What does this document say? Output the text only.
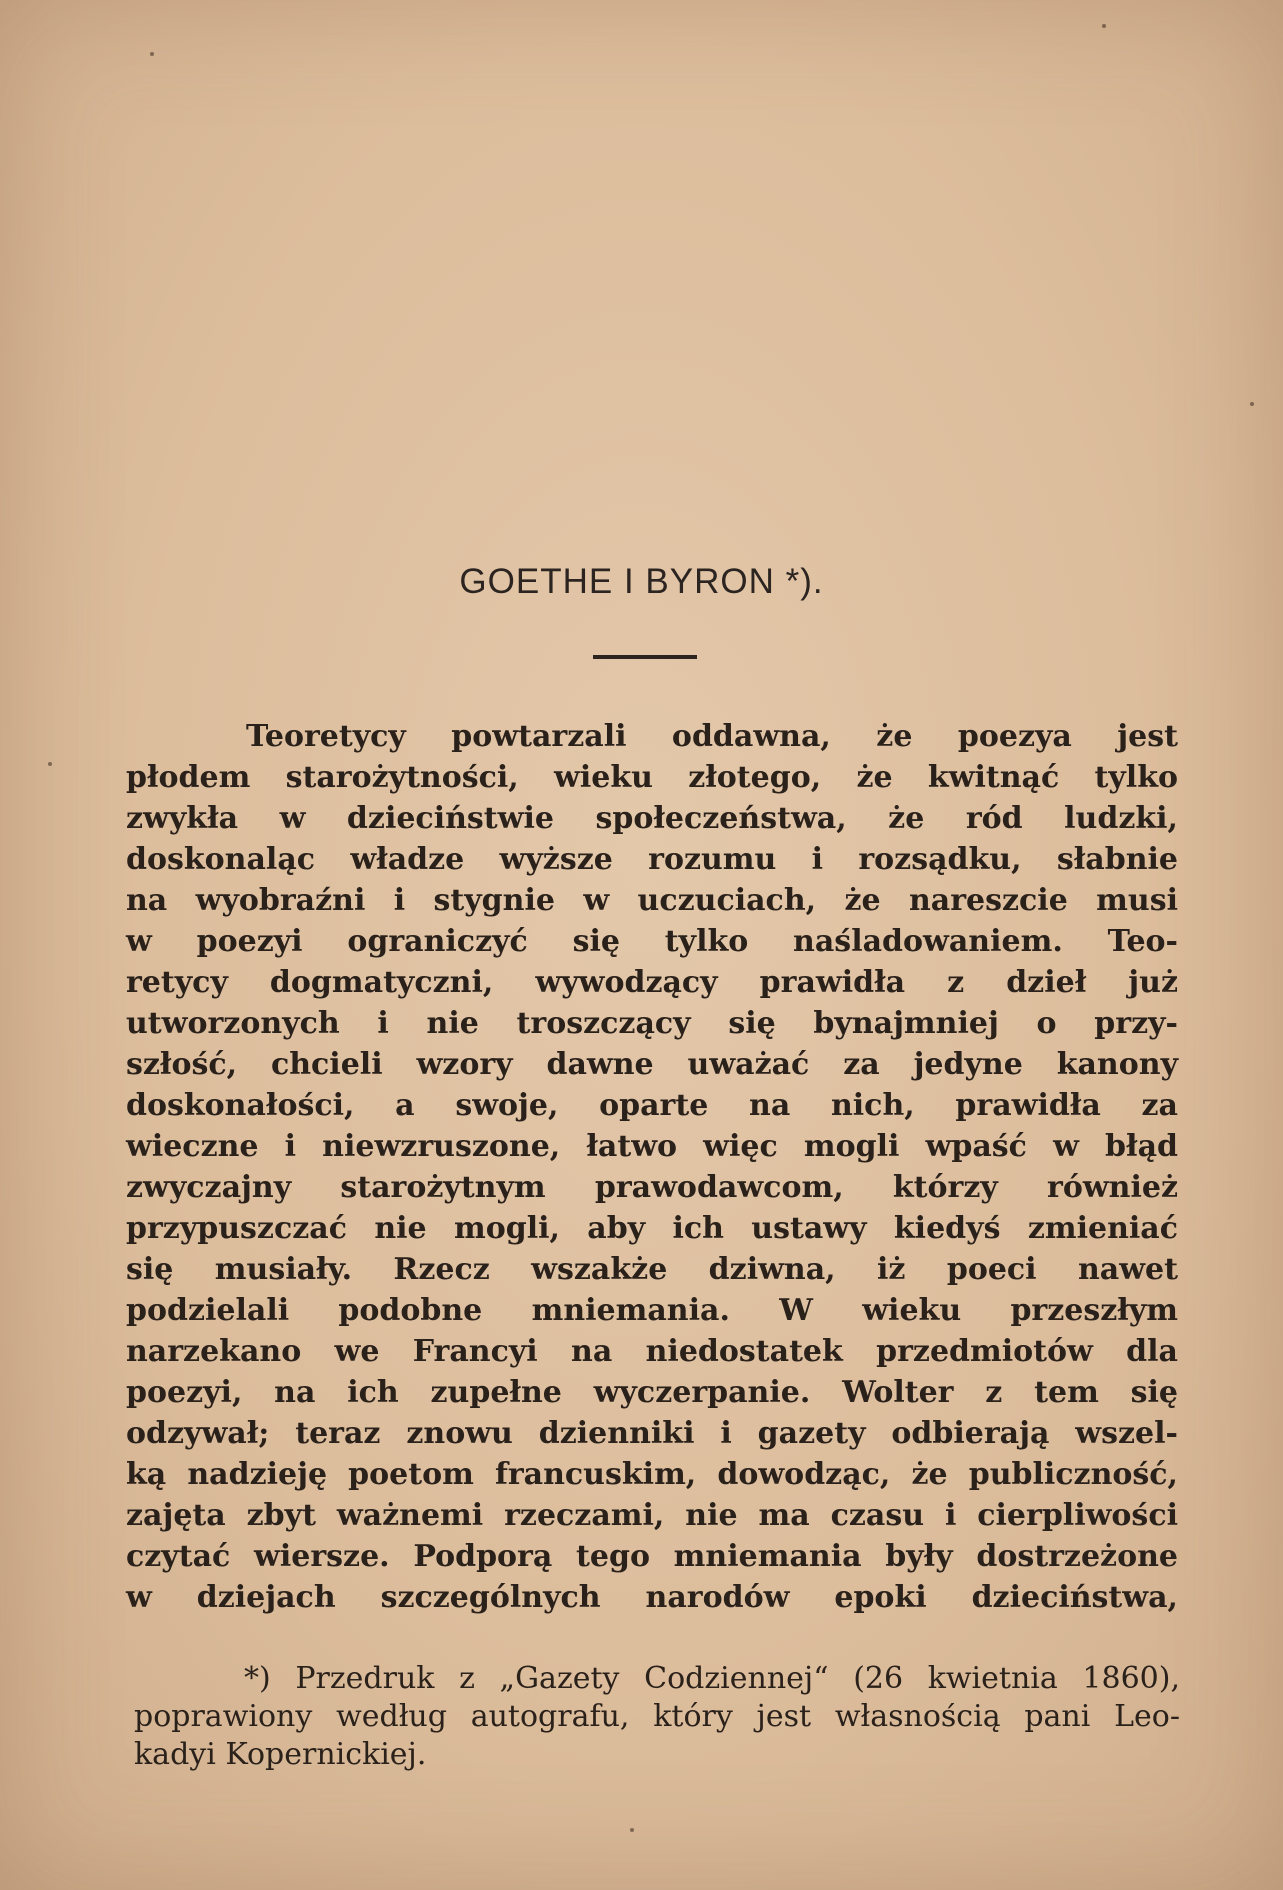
GOETHE I BYRON *).
Teoretycy powtarzali oddawna, że poezya jest
płodem starożytności, wieku złotego, że kwitnąć tylko
zwykła w dzieciństwie społeczeństwa, że ród ludzki,
doskonaląc władze wyższe rozumu i rozsądku, słabnie
na wyobraźni i stygnie w uczuciach, że nareszcie musi
w poezyi ograniczyć się tylko naśladowaniem. Teo-
retycy dogmatyczni, wywodzący prawidła z dzieł już
utworzonych i nie troszczący się bynajmniej o przy-
szłość, chcieli wzory dawne uważać za jedyne kanony
doskonałości, a swoje, oparte na nich, prawidła za
wieczne i niewzruszone, łatwo więc mogli wpaść w błąd
zwyczajny starożytnym prawodawcom, którzy również
przypuszczać nie mogli, aby ich ustawy kiedyś zmieniać
się musiały. Rzecz wszakże dziwna, iż poeci nawet
podzielali podobne mniemania. W wieku przeszłym
narzekano we Francyi na niedostatek przedmiotów dla
poezyi, na ich zupełne wyczerpanie. Wolter z tem się
odzywał; teraz znowu dzienniki i gazety odbierają wszel-
ką nadzieję poetom francuskim, dowodząc, że publiczność,
zajęta zbyt ważnemi rzeczami, nie ma czasu i cierpliwości
czytać wiersze. Podporą tego mniemania były dostrzeżone
w dziejach szczególnych narodów epoki dzieciństwa,
*) Przedruk z „Gazety Codziennej“ (26 kwietnia 1860),
poprawiony według autografu, który jest własnością pani Leo-
kadyi Kopernickiej.
